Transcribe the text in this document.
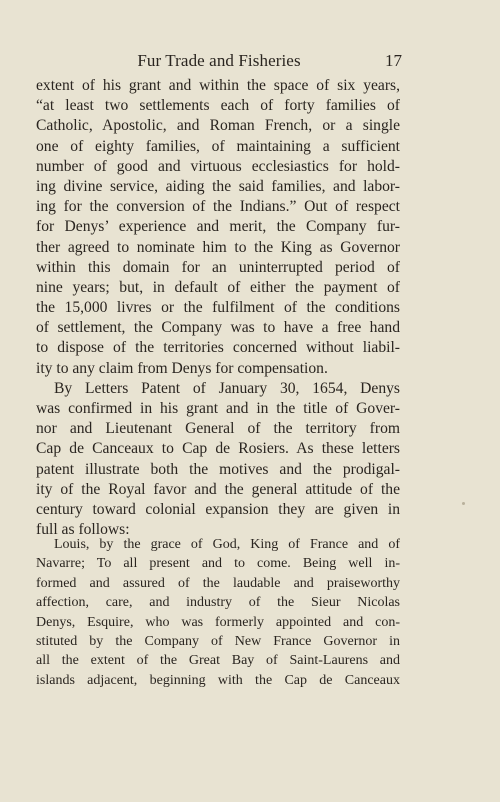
Fur Trade and Fisheries	17
extent of his grant and within the space of six years,
“at least two settlements each of forty families of
Catholic, Apostolic, and Roman French, or a single
one of eighty families, of maintaining a sufficient
number of good and virtuous ecclesiastics for hold-
ing divine service, aiding the said families, and labor-
ing for the conversion of the Indians.” Out of respect
for Denys’ experience and merit, the Company fur-
ther agreed to nominate him to the King as Governor
within this domain for an uninterrupted period of
nine years; but, in default of either the payment of
the 15,000 livres or the fulfilment of the conditions
of settlement, the Company was to have a free hand
to dispose of the territories concerned without liabil-
ity to any claim from Denys for compensation.
By Letters Patent of January 30, 1654, Denys
was confirmed in his grant and in the title of Gover-
nor and Lieutenant General of the territory from
Cap de Canceaux to Cap de Rosiers. As these letters
patent illustrate both the motives and the prodigal-
ity of the Royal favor and the general attitude of the
century toward colonial expansion they are given in
full as follows:
Louis, by the grace of God, King of France and of
Navarre; To all present and to come. Being well in-
formed and assured of the laudable and praiseworthy
affection, care, and industry of the Sieur Nicolas
Denys, Esquire, who was formerly appointed and con-
stituted by the Company of New France Governor in
all the extent of the Great Bay of Saint-Laurens and
islands adjacent, beginning with the Cap de Canceaux
